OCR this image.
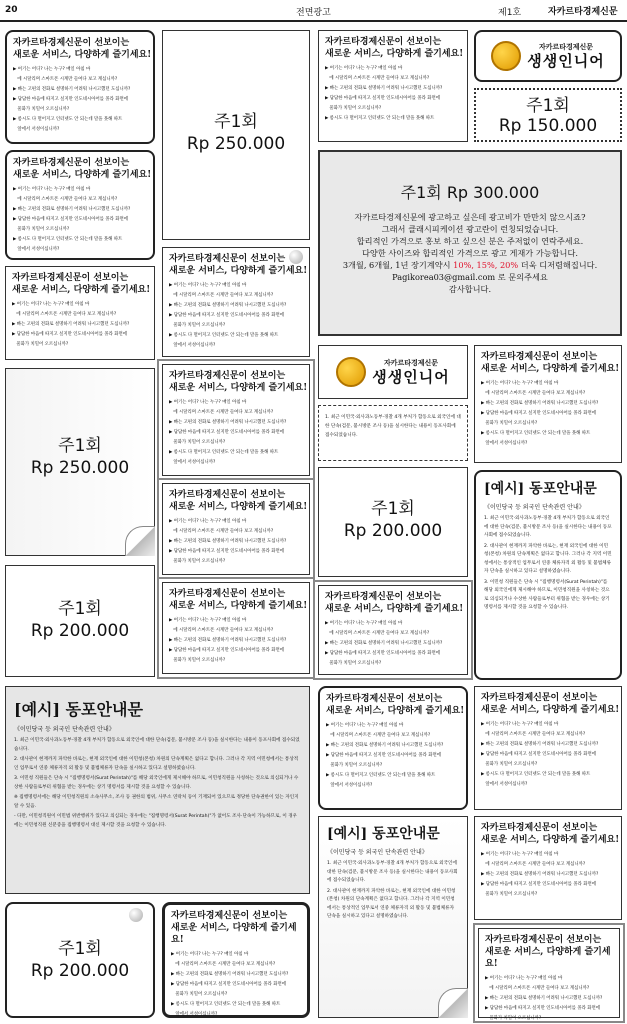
20	전면광고	제1호	자카르타경제신문
자카르타경제신문이 선보이는
새로운 서비스, 다양하게 즐기세요!
▶ 여기는 어디? 나는 누구? 매일 아침 마
　에 시달리며 스마트폰 시계만 들여다 보고 계십니까?
▶ 빠는 고편의 전화로 설명하기 어려워 나시고했던 도십니까?
▶ 답답한 마음에 따지고 싶지만 인도네시아어를 몰라 화면에
　물화가 치밀어 오르십니까?
▶ 룸시도 다 떨어지고 인터넷도 안 되는데 말을 못해 따트
　앞에서 서성이십니까?	주1회
Rp 250.000
자카르타경제신문이 선보이는
새로운 서비스, 다양하게 즐기세요!
▶ 여기는 어디? 나는 누구? 매일 아침 마
　에 시달리며 스마트폰 시계만 들여다 보고 계십니까?
▶ 빠는 고편의 전화로 설명하기 어려워 나시고했던 도십니까?
▶ 답답한 마음에 따지고 싶지만 인도네시아어를 몰라 화면에
　물화가 치밀어 오르십니까?
▶ 룸시도 다 떨어지고 인터넷도 안 되는데 말을 못해 따트
자카르타경제신문
생생인니어
주1회
Rp 150.000
자카르타경제신문이 선보이는
새로운 서비스, 다양하게 즐기세요!
▶ 여기는 어디? 나는 누구? 매일 아침 마
　에 시달리며 스마트폰 시계만 들여다 보고 계십니까?
▶ 빠는 고편의 전화로 설명하기 어려워 나시고했던 도십니까?
▶ 답답한 마음에 따지고 싶지만 인도네시아어를 몰라 화면에
　물화가 치밀어 오르십니까?
▶ 룸시도 다 떨어지고 인터넷도 안 되는데 말을 못해 따트
　앞에서 서성이십니까?
주1회 Rp 300.000
자카르타경제신문에 광고하고 싶은데 광고비가 만만치 않으시죠?
그래서 클래시피케이션 광고란이 런칭되었습니다.
합리적인 가격으로 홍보 하고 싶으신 분은 주저없이 연락주세요.
다양한 사이즈와 합리적인 가격으로 광고 게재가 가능합니다.
3개월, 6개월, 1년 장기계약시 10%, 15%, 20% 더욱 디저렴해집니다.
Pagikorea03@gmail.com 로 문의주세요
감사합니다.
자카르타경제신문이 선보이는
새로운 서비스, 다양하게 즐기세요!
▶ 여기는 어디? 나는 누구? 매일 아침 마
　에 시달리며 스마트폰 시계만 들여다 보고 계십니까?
▶ 빠는 고편의 전화로 설명하기 어려워 나시고했던 도십니까?
▶ 답답한 마음에 따지고 싶지만 인도네시아어를 몰라 화면에
　물화가 치밀어 오르십니까?
▶ 룸시도 다 떨어지고 인터넷도 안 되는데 말을 못해 따트
　앞에서 서성이십니까?
자카르타경제신문이 선보이는
새로운 서비스, 다양하게 즐기세요!
▶ 여기는 어디? 나는 누구? 매일 아침 마
　에 시달리며 스마트폰 시계만 들여다 보고 계십니까?
▶ 빠는 고편의 전화로 설명하기 어려워 나시고했던 도십니까?
▶ 답답한 마음에 따지고 싶지만 인도네시아어를 몰라 화면에
　물화가 치밀어 오르십니까?
자카르타경제신문
생생인니어
자카르타경제신문이 선보이는
새로운 서비스, 다양하게 즐기세요!
▶ 여기는 어디? 나는 누구? 매일 아침 마
　에 시달리며 스마트폰 시계만 들여다 보고 계십니까?
▶ 빠는 고편의 전화로 설명하기 어려워 나시고했던 도십니까?
▶ 답답한 마음에 따지고 싶지만 인도네시아어를 몰라 화면에
　물화가 치밀어 오르십니까?
▶ 룸시도 다 떨어지고 인터넷도 안 되는데 말을 못해 따트
　앞에서 서성이십니까?
자카르타경제신문이 선보이는
새로운 서비스, 다양하게 즐기세요!
▶ 여기는 어디? 나는 누구? 매일 아침 마
　에 시달리며 스마트폰 시계만 들여다 보고 계십니까?
▶ 빠는 고편의 전화로 설명하기 어려워 나시고했던 도십니까?
▶ 답답한 마음에 따지고 싶지만 인도네시아어를 몰라 화면에
　물화가 치밀어 오르십니까?
▶ 룸시도 다 떨어지고 인터넷도 안 되는데 말을 못해 따트
　앞에서 서성이십니까?
주1회
Rp 250.000
1. 최근 이민국·외사과노동부·경찰 4개 부처가 합동으로 외국인에 대한 단속(검문, 불시방문 조사 등)을 실시한다는 내용이 동포사회에 접수되었습니다.
주1회
Rp 200.000
[예시] 동포안내문
《이민당국 등 외국인 단속관련 안내》
1. 최근 이민국·외사과노동부·경찰 4개 부처가 합동으로 외국인에 대한 단속(검문, 불시방문 조사 등)을 실시한다는 내용이 동포사회에 접수되었습니다.
2. 대사관이 현재까지 파악한 바로는, 현재 외국인에 대한 이민청(본청) 차원의 단속계획은 없다고 합니다. 그러나 각 지역 이민청에서는 통상적인 업무로서 연중 체류자격 외 활동 및 불법체류자 단속을 실시하고 있다고 설명하였습니다.
3. 이민청 직원들은 단속 시 "집행명령서(Surat Perintah)"를 해당 외국인에게 제시해야 하므로, 이민청직원을 사칭하는 것으로 의심되거나 수상한 사람들로부터 위협을 받는 경우에는 상기 명령서를 제시할 것을 요청할 수 있습니다.
자카르타경제신문이 선보이는
새로운 서비스, 다양하게 즐기세요!
▶ 여기는 어디? 나는 누구? 매일 아침 마
　에 시달리며 스마트폰 시계만 들여다 보고 계십니까?
▶ 빠는 고편의 전화로 설명하기 어려워 나시고했던 도십니까?
▶ 답답한 마음에 따지고 싶지만 인도네시아어를 몰라 화면에
　물화가 치밀어 오르십니까?
주1회
Rp 200.000
자카르타경제신문이 선보이는
새로운 서비스, 다양하게 즐기세요!
▶ 여기는 어디? 나는 누구? 매일 아침 마
　에 시달리며 스마트폰 시계만 들여다 보고 계십니까?
▶ 빠는 고편의 전화로 설명하기 어려워 나시고했던 도십니까?
▶ 답답한 마음에 따지고 싶지만 인도네시아어를 몰라 화면에
　물화가 치밀어 오르십니까?
자카르타경제신문이 선보이는
새로운 서비스, 다양하게 즐기세요!
▶ 여기는 어디? 나는 누구? 매일 아침 마
　에 시달리며 스마트폰 시계만 들여다 보고 계십니까?
▶ 빠는 고편의 전화로 설명하기 어려워 나시고했던 도십니까?
▶ 답답한 마음에 따지고 싶지만 인도네시아어를 몰라 화면에
　물화가 치밀어 오르십니까?
[예시] 동포안내문
《이민당국 등 외국인 단속관련 안내》
1. 최근 이민국·외사과노동부·경찰 4개 부처가 합동으로 외국인에 대한 단속(검문, 불시방문 조사 등)을 실시한다는 내용이 동포사회에 접수되었습니다.
2. 대사관이 현재까지 파악한 바로는, 현재 외국인에 대한 이민청(본청) 차원의 단속계획은 없다고 합니다. 그러나 각 지역 이민청에서는 통상적인 업무로서 연중 체류자격 외 활동 및 불법체류자 단속을 실시하고 있다고 설명하였습니다.
3. 이민청 직원들은 단속 시 "집행명령서(Surat Perintah)"를 해당 외국인에게 제시해야 하므로, 이민청직원을 사칭하는 것으로 의심되거나 수상한 사람들로부터 위협을 받는 경우에는 상기 명령서를 제시할 것을 요청할 수 있습니다.
※ 집행명령서에는 해당 이민청직원의 소속사무소, 조사 등 권한의 범위, 사무소 연락처 등이 기재되어 있으므로 정당한 단속권한이 있는 자인지 알 수 있음.
- 다만, 이민청직원이 이민법 위반행위가 있다고 의심되는 경우에는 "집행명령서(Surat Perintah)"가 없어도 조사·단속이 가능하므로, 이 경우에는 이민청직원 신분증을 집행명령서 대신 제시할 것을 요청할 수 있습니다.
자카르타경제신문이 선보이는
새로운 서비스, 다양하게 즐기세요!
▶ 여기는 어디? 나는 누구? 매일 아침 마
　에 시달리며 스마트폰 시계만 들여다 보고 계십니까?
▶ 빠는 고편의 전화로 설명하기 어려워 나시고했던 도십니까?
▶ 답답한 마음에 따지고 싶지만 인도네시아어를 몰라 화면에
　물화가 치밀어 오르십니까?
▶ 룸시도 다 떨어지고 인터넷도 안 되는데 말을 못해 따트
　앞에서 서성이십니까?
자카르타경제신문이 선보이는
새로운 서비스, 다양하게 즐기세요!
▶ 여기는 어디? 나는 누구? 매일 아침 마
　에 시달리며 스마트폰 시계만 들여다 보고 계십니까?
▶ 빠는 고편의 전화로 설명하기 어려워 나시고했던 도십니까?
▶ 답답한 마음에 따지고 싶지만 인도네시아어를 몰라 화면에
　물화가 치밀어 오르십니까?
▶ 룸시도 다 떨어지고 인터넷도 안 되는데 말을 못해 따트
　앞에서 서성이십니까?
[예시] 동포안내문
《이민당국 등 외국인 단속관련 안내》
1. 최근 이민국·외사과노동부·경찰 4개 부처가 합동으로 외국인에 대한 단속(검문, 불시방문 조사 등)을 실시한다는 내용이 동포사회에 접수되었습니다.
2. 대사관이 현재까지 파악한 바로는, 현재 외국인에 대한 이민청(본청) 차원의 단속계획은 없다고 합니다. 그러나 각 지역 이민청에서는 통상적인 업무로서 연중 체류자격 외 활동 및 불법체류자 단속을 실시하고 있다고 설명하였습니다.
자카르타경제신문이 선보이는
새로운 서비스, 다양하게 즐기세요!
▶ 여기는 어디? 나는 누구? 매일 아침 마
　에 시달리며 스마트폰 시계만 들여다 보고 계십니까?
▶ 빠는 고편의 전화로 설명하기 어려워 나시고했던 도십니까?
▶ 답답한 마음에 따지고 싶지만 인도네시아어를 몰라 화면에
　물화가 치밀어 오르십니까?
주1회
Rp 200.000
자카르타경제신문이 선보이는
새로운 서비스, 다양하게 즐기세요!
▶ 여기는 어디? 나는 누구? 매일 아침 마
　에 시달리며 스마트폰 시계만 들여다 보고 계십니까?
▶ 빠는 고편의 전화로 설명하기 어려워 나시고했던 도십니까?
▶ 답답한 마음에 따지고 싶지만 인도네시아어를 몰라 화면에
　물화가 치밀어 오르십니까?
▶ 룸시도 다 떨어지고 인터넷도 안 되는데 말을 못해 따트
　앞에서 서성이십니까?
자카르타경제신문이 선보이는
새로운 서비스, 다양하게 즐기세요!
▶ 여기는 어디? 나는 누구? 매일 아침 마
　에 시달리며 스마트폰 시계만 들여다 보고 계십니까?
▶ 빠는 고편의 전화로 설명하기 어려워 나시고했던 도십니까?
▶ 답답한 마음에 따지고 싶지만 인도네시아어를 몰라 화면에
　물화가 치밀어 오르십니까?
